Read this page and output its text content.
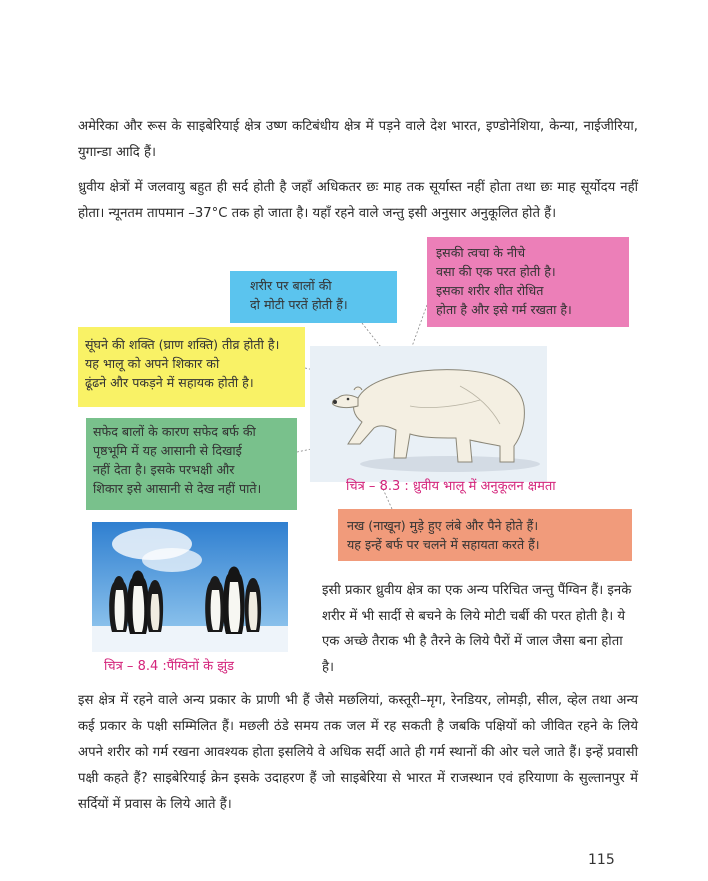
अमेरिका और रूस के साइबेरियाई क्षेत्र उष्ण कटिबंधीय क्षेत्र में पड़ने वाले देश भारत, इण्डोनेशिया, केन्या, नाईजीरिया, युगान्डा आदि हैं।

ध्रुवीय क्षेत्रों में जलवायु बहुत ही सर्द होती है जहाँ अधिकतर छः माह तक सूर्यास्त नहीं होता तथा छः माह सूर्योदय नहीं होता। न्यूनतम तापमान –37°C तक हो जाता है। यहाँ रहने वाले जन्तु इसी अनुसार अनुकूलित होते हैं।

शरीर पर बालों की
दो मोटी परतें होती हैं।
इसकी त्वचा के नीचे
वसा की एक परत होती है।
इसका शरीर शीत रोधित
होता है और इसे गर्म रखता है।
सूंघने की शक्ति (घ्राण शक्ति) तीव्र होती है।
यह भालू को अपने शिकार को
ढूंढने और पकड़ने में सहायक होती है।
सफेद बालों के कारण सफेद बर्फ की
पृष्ठभूमि में यह आसानी से दिखाई
नहीं देता है। इसके परभक्षी और
शिकार इसे आसानी से देख नहीं पाते।	चित्र – 8.3 : ध्रुवीय भालू में अनुकूलन क्षमता
नख (नाखून) मुड़े हुए लंबे और पैने होते हैं।
यह इन्हें बर्फ पर चलने में सहायता करते हैं।
चित्र – 8.4 :पैंग्विनों के झुंड

इसी प्रकार ध्रुवीय क्षेत्र का एक अन्य परिचित जन्तु पैंग्विन हैं। इनके शरीर में भी सार्दी से बचने के लिये मोटी चर्बी की परत होती है। ये एक अच्छे तैराक भी है तैरने के लिये पैरों में जाल जैसा बना होता है।

इस क्षेत्र में रहने वाले अन्य प्रकार के प्राणी भी हैं जैसे मछलियां, कस्तूरी–मृग, रेनडियर, लोमड़ी, सील, व्हेल तथा अन्य कई प्रकार के पक्षी सम्मिलित हैं। मछली ठंडे समय तक जल में रह सकती है जबकि पक्षियों को जीवित रहने के लिये अपने शरीर को गर्म रखना आवश्यक होता इसलिये वे अधिक सर्दी आते ही गर्म स्थानों की ओर चले जाते हैं। इन्हें प्रवासी पक्षी कहते हैं? साइबेरियाई क्रेन इसके उदाहरण हैं जो साइबेरिया से भारत में राजस्थान एवं हरियाणा के सुल्तानपुर में सर्दियों में प्रवास के लिये आते हैं।

115
